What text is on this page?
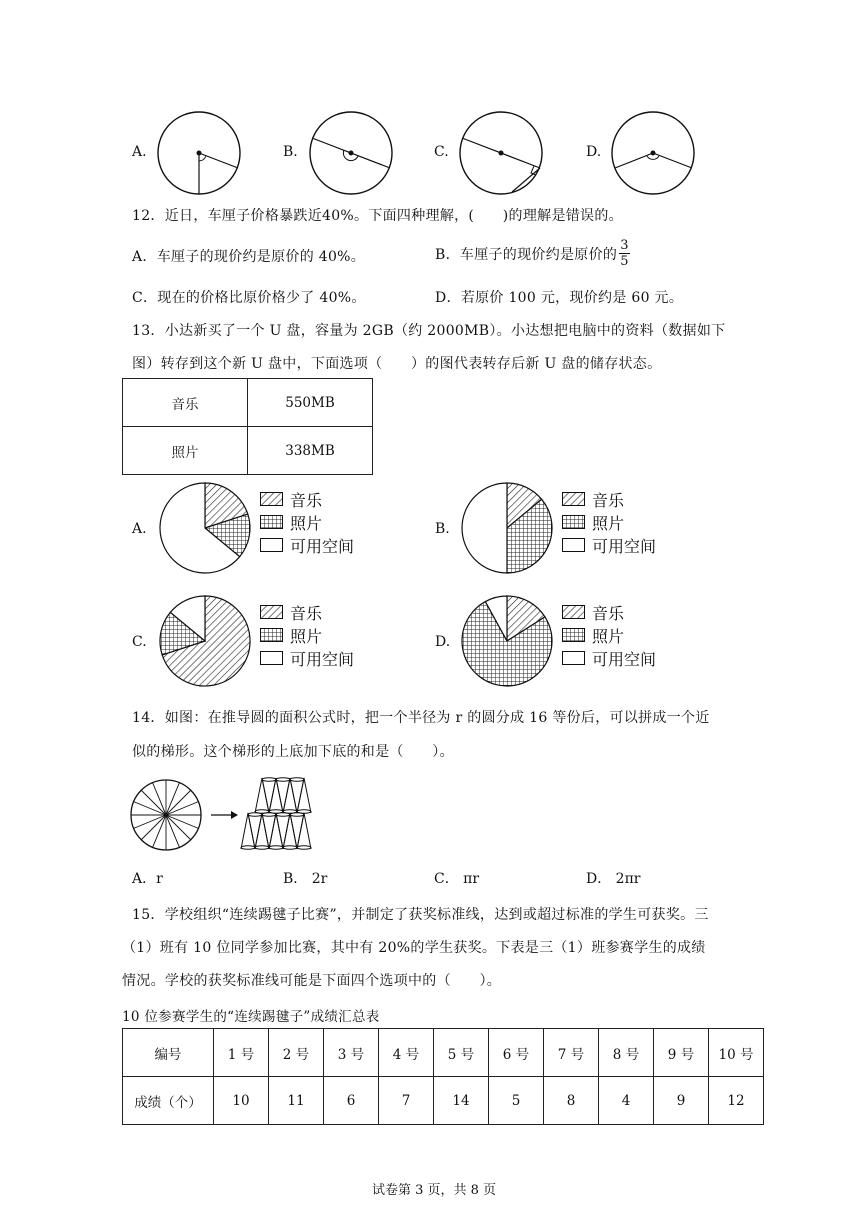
A.	B.	C.	D.
12．近日，车厘子价格暴跌近40%。下面四种理解，(　　)的理解是错误的。
A．车厘子的现价约是原价的 40%。	B．车厘子的现价约是原价的 $\frac{3}{5}$
C．现在的价格比原价格少了 40%。	D．若原价 100 元，现价约是 60 元。
13．小达新买了一个 U 盘，容量为 2GB（约 2000MB）。小达想把电脑中的资料（数据如下
图）转存到这个新 U 盘中，下面选项（　　）的图代表转存后新 U 盘的储存状态。
音乐	550MB
照片	338MB
A.
音乐
照片
可用空间
B.
音乐
照片
可用空间
C.
音乐
照片
可用空间
D.
音乐
照片
可用空间
14．如图：在推导圆的面积公式时，把一个半径为 r 的圆分成 16 等份后，可以拼成一个近
似的梯形。这个梯形的上底加下底的和是（　　）。
A．r	B． 2r	C． πr	D． 2πr
15．学校组织“连续踢毽子比赛”，并制定了获奖标准线，达到或超过标准的学生可获奖。三
（1）班有 10 位同学参加比赛，其中有 20%的学生获奖。下表是三（1）班参赛学生的成绩
情况。学校的获奖标准线可能是下面四个选项中的（　　）。
10 位参赛学生的“连续踢毽子”成绩汇总表
编号	1 号	2 号	3 号	4 号	5 号	6 号	7 号	8 号	9 号	10 号
成绩（个）	10	11	6	7	14	5	8	4	9	12
试卷第 3 页，共 8 页
